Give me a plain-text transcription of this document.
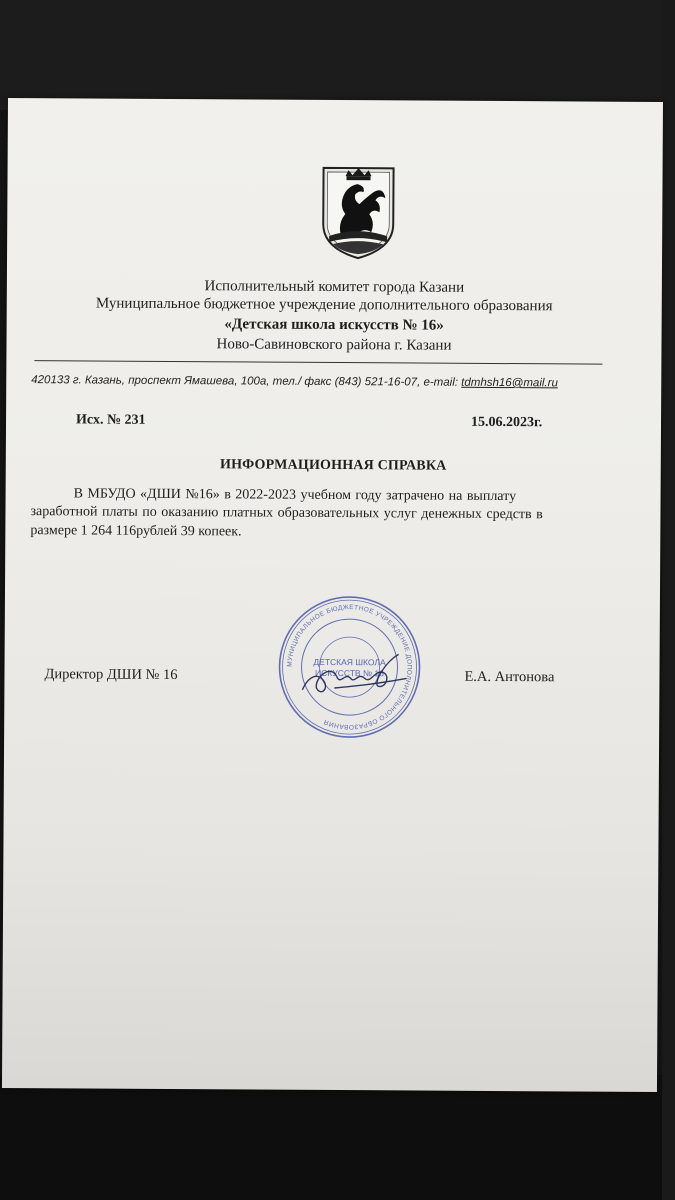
Исполнительный комитет города Казани
Муниципальное бюджетное учреждение дополнительного образования
«Детская школа искусств № 16»
Ново-Савиновского района г. Казани
420133 г. Казань, проспект Ямашева, 100а, тел./ факс (843) 521-16-07, e-mail: tdmhsh16@mail.ru
Исх. № 231	15.06.2023г.
ИНФОРМАЦИОННАЯ СПРАВКА
В МБУДО «ДШИ №16» в 2022-2023 учебном году затрачено на выплату
заработной платы по оказанию платных образовательных услуг денежных средств в
размере 1 264 116рублей 39 копеек.
МУНИЦИПАЛЬНОЕ БЮДЖЕТНОЕ УЧРЕЖДЕНИЕ ДОПОЛНИТЕЛЬНОГО ОБРАЗОВАНИЯ
ДЕТСКАЯ ШКОЛА
ИСКУССТВ № 16
Директор ДШИ № 16	Е.А. Антонова
